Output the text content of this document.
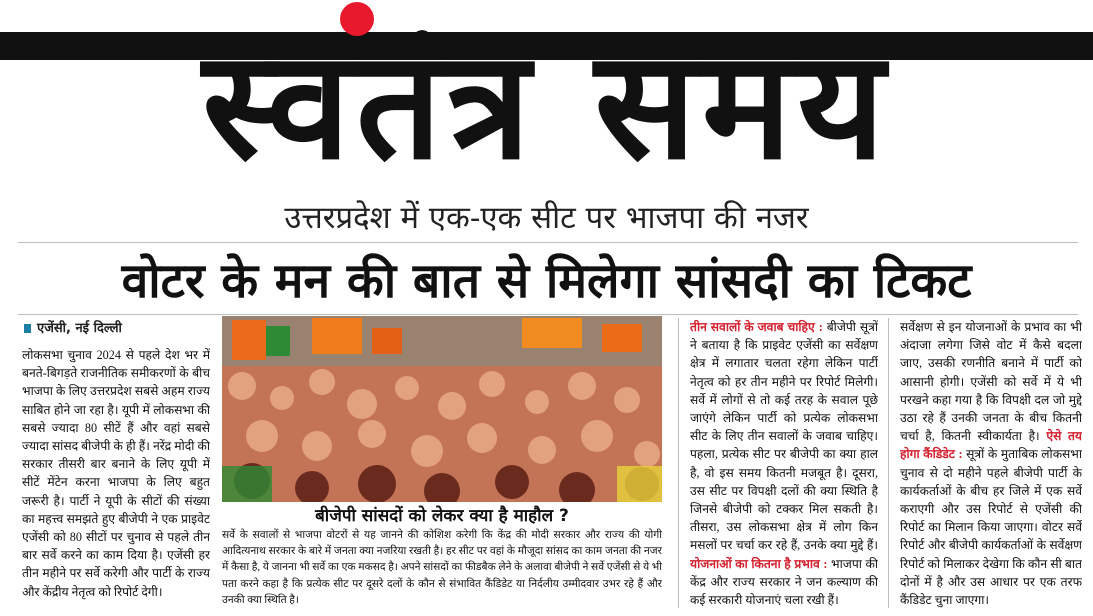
स्वतंत्र समय
उत्तरप्रदेश में एक-एक सीट पर भाजपा की नजर
वोटर के मन की बात से मिलेगा सांसदी का टिकट
एजेंसी, नई दिल्ली
लोकसभा चुनाव 2024 से पहले देश भर में बनते-बिगड़ते राजनीतिक समीकरणों के बीच भाजपा के लिए उत्तरप्रदेश सबसे अहम राज्य साबित होने जा रहा है। यूपी में लोकसभा की सबसे ज्यादा 80 सीटें हैं और वहां सबसे ज्यादा सांसद बीजेपी के ही हैं। नरेंद्र मोदी की सरकार तीसरी बार बनाने के लिए यूपी में सीटें मेंटेन करना भाजपा के लिए बहुत जरूरी है। पार्टी ने यूपी के सीटों की संख्या का महत्त्व समझते हुए बीजेपी ने एक प्राइवेट एजेंसी को 80 सीटों पर चुनाव से पहले तीन बार सर्वे करने का काम दिया है। एजेंसी हर तीन महीने पर सर्वे करेगी और पार्टी के राज्य और केंद्रीय नेतृत्व को रिपोर्ट देगी।
बीजेपी सांसदों को लेकर क्या है माहौल ?
सर्वे के सवालों से भाजपा वोटरों से यह जानने की कोशिश करेगी कि केंद्र की मोदी सरकार और राज्य की योगी आदित्यनाथ सरकार के बारे में जनता क्या नजरिया रखती है। हर सीट पर वहां के मौजूदा सांसद का काम जनता की नजर में कैसा है, ये जानना भी सर्वे का एक मकसद है। अपने सांसदों का फीडबैक लेने के अलावा बीजेपी ने सर्वे एजेंसी से ये भी पता करने कहा है कि प्रत्येक सीट पर दूसरे दलों के कौन से संभावित कैंडिडेट या निर्दलीय उम्मीदवार उभर रहे हैं और उनकी क्या स्थिति है।
तीन सवालों के जवाब चाहिए : बीजेपी सूत्रों ने बताया है कि प्राइवेट एजेंसी का सर्वेक्षण क्षेत्र में लगातार चलता रहेगा लेकिन पार्टी नेतृत्व को हर तीन महीने पर रिपोर्ट मिलेगी। सर्वे में लोगों से तो कई तरह के सवाल पूछे जाएंगे लेकिन पार्टी को प्रत्येक लोकसभा सीट के लिए तीन सवालों के जवाब चाहिए। पहला, प्रत्येक सीट पर बीजेपी का क्या हाल है, वो इस समय कितनी मजबूत है। दूसरा, उस सीट पर विपक्षी दलों की क्या स्थिति है जिनसे बीजेपी को टक्कर मिल सकती है। तीसरा, उस लोकसभा क्षेत्र में लोग किन मसलों पर चर्चा कर रहे हैं, उनके क्या मुद्दे हैं। योजनाओं का कितना है प्रभाव : भाजपा की केंद्र और राज्य सरकार ने जन कल्याण की कई सरकारी योजनाएं चला रखी हैं।
सर्वेक्षण से इन योजनाओं के प्रभाव का भी अंदाजा लगेगा जिसे वोट में कैसे बदला जाए, उसकी रणनीति बनाने में पार्टी को आसानी होगी। एजेंसी को सर्वे में ये भी परखने कहा गया है कि विपक्षी दल जो मुद्दे उठा रहे हैं उनकी जनता के बीच कितनी चर्चा है, कितनी स्वीकार्यता है। ऐसे तय होगा कैंडिडेट : सूत्रों के मुताबिक लोकसभा चुनाव से दो महीने पहले बीजेपी पार्टी के कार्यकर्ताओं के बीच हर जिले में एक सर्वे कराएगी और उस रिपोर्ट से एजेंसी की रिपोर्ट का मिलान किया जाएगा। वोटर सर्वे रिपोर्ट और बीजेपी कार्यकर्ताओं के सर्वेक्षण रिपोर्ट को मिलाकर देखेगा कि कौन सी बात दोनों में है और उस आधार पर एक तरफ कैंडिडेट चुना जाएगा।
